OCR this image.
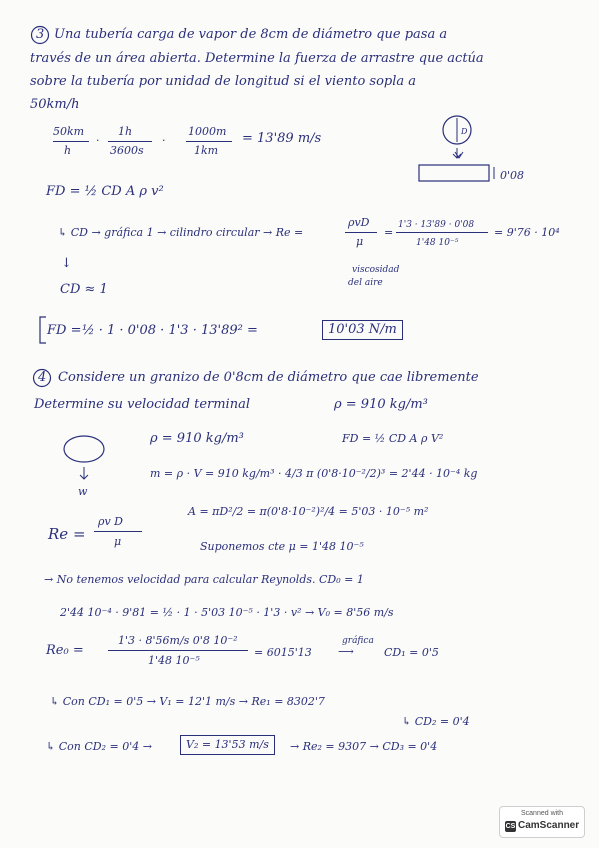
3 Una tubería carga de vapor de 8cm de diámetro que pasa a
través de un área abierta. Determine la fuerza de arrastre que actúa
sobre la tubería por unidad de longitud si el viento sopla a
50km/h
50km
h
·
1h
3600s
·
1000m
1km
= 13'89 m/s	D
0'08
FD = ½ CD A ρ v²
↳ CD → gráfica 1 → cilindro circular → Re =
ρvD
μ
=
1'3 · 13'89 · 0'08
1'48 10⁻⁵
= 9'76 · 10⁴
↓	viscosidad
del aire
CD ≈ 1
FD = ½ · 1 · 0'08 · 1'3 · 13'89² =	10'03 N/m
4 Considere un granizo de 0'8cm de diámetro que cae libremente
Determine su velocidad terminal	ρ = 910 kg/m³
w
ρ = 910 kg/m³	FD = ½ CD A ρ V²
m = ρ · V = 910 kg/m³ · 4/3 π (0'8·10⁻²/2)³ = 2'44 · 10⁻⁴ kg
A = πD²/2 = π(0'8·10⁻²)²/4 = 5'03 · 10⁻⁵ m²
Re =
ρv D
μ	Suponemos cte μ = 1'48 10⁻⁵
→ No tenemos velocidad para calcular Reynolds. CD₀ = 1
2'44 10⁻⁴ · 9'81 = ½ · 1 · 5'03 10⁻⁵ · 1'3 · v² → V₀ = 8'56 m/s
Re₀ =
1'3 · 8'56m/s 0'8 10⁻²
1'48 10⁻⁵
= 6015'13
gráfica
⟶	CD₁ = 0'5
↳ Con CD₁ = 0'5 → V₁ = 12'1 m/s → Re₁ = 8302'7
↳ CD₂ = 0'4
↳ Con CD₂ = 0'4 →	V₂ = 13'53 m/s	→ Re₂ = 9307 → CD₃ = 0'4
Scanned with
CS CamScanner
